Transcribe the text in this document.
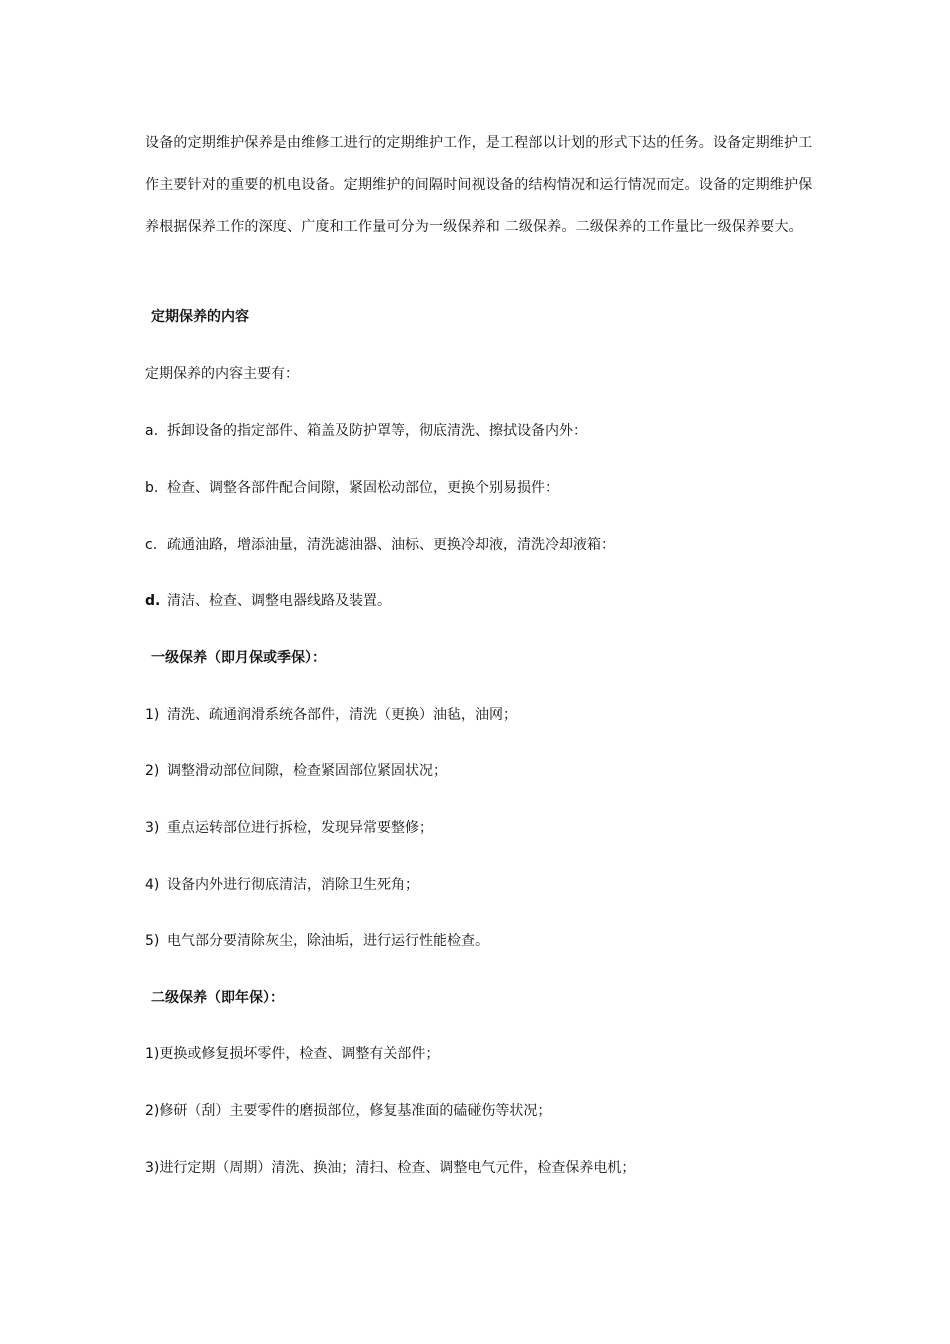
设备的定期维护保养是由维修工进行的定期维护工作，是工程部以计划的形式下达的任务。设备定期维护工作主要针对的重要的机电设备。定期维护的间隔时间视设备的结构情况和运行情况而定。设备的定期维护保养根据保养工作的深度、广度和工作量可分为一级保养和 二级保养。二级保养的工作量比一级保养要大。

定期保养的内容
定期保养的内容主要有：
a. 拆卸设备的指定部件、箱盖及防护罩等，彻底清洗、擦拭设备内外：
b. 检查、调整各部件配合间隙，紧固松动部位，更换个别易损件：
c. 疏通油路，增添油量，清洗滤油器、油标、更换冷却液，清洗冷却液箱：
d. 清洁、检查、调整电器线路及装置。
一级保养（即月保或季保）：
1) 清洗、疏通润滑系统各部件，清洗（更换）油毡，油网；
2) 调整滑动部位间隙，检查紧固部位紧固状况；
3) 重点运转部位进行拆检，发现异常要整修；
4) 设备内外进行彻底清洁，消除卫生死角；
5) 电气部分要清除灰尘，除油垢，进行运行性能检查。
二级保养（即年保）：
1)更换或修复损坏零件，检查、调整有关部件；
2)修研（刮）主要零件的磨损部位，修复基准面的磕碰伤等状况；
3)进行定期（周期）清洗、换油；清扫、检查、调整电气元件，检查保养电机；
